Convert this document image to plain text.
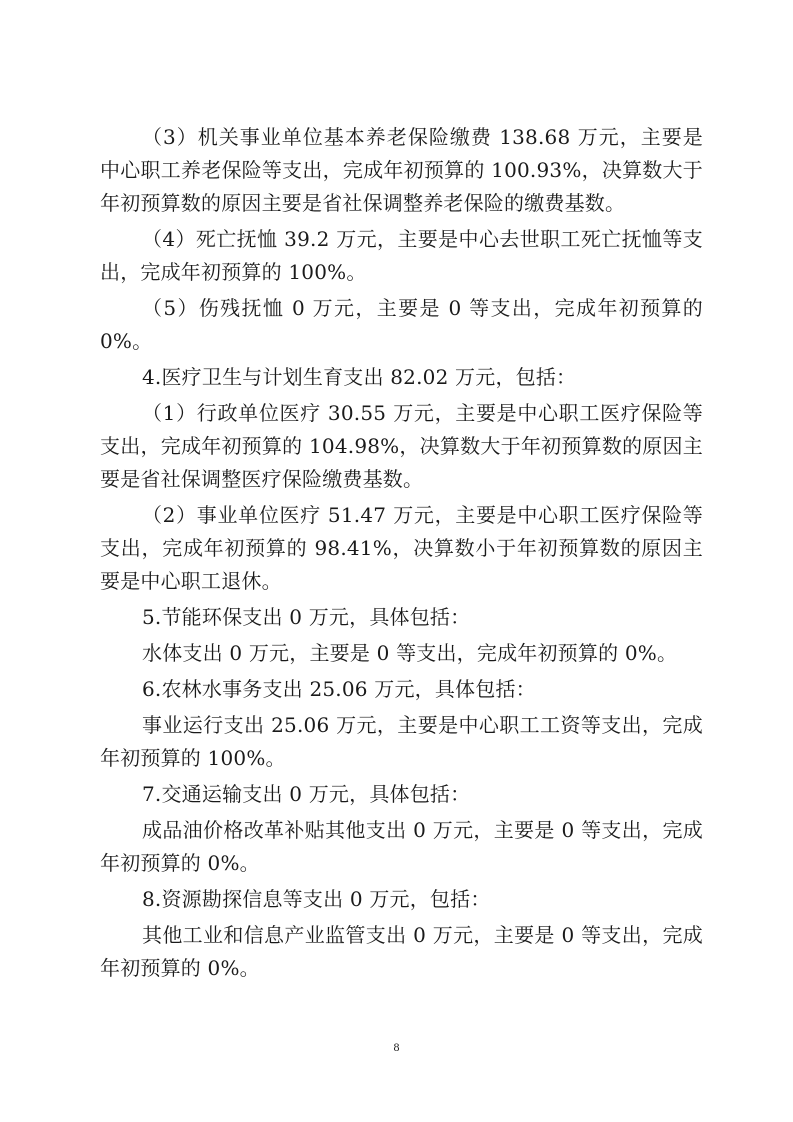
（3）机关事业单位基本养老保险缴费 138.68 万元，主要是中心职工养老保险等支出，完成年初预算的 100.93%，决算数大于年初预算数的原因主要是省社保调整养老保险的缴费基数。

（4）死亡抚恤 39.2 万元，主要是中心去世职工死亡抚恤等支出，完成年初预算的 100%。

（5）伤残抚恤 0 万元，主要是 0 等支出，完成年初预算的 0%。

4.医疗卫生与计划生育支出 82.02 万元，包括：

（1）行政单位医疗 30.55 万元，主要是中心职工医疗保险等支出，完成年初预算的 104.98%，决算数大于年初预算数的原因主要是省社保调整医疗保险缴费基数。

（2）事业单位医疗 51.47 万元，主要是中心职工医疗保险等支出，完成年初预算的 98.41%，决算数小于年初预算数的原因主要是中心职工退休。

5.节能环保支出 0 万元，具体包括：

水体支出 0 万元，主要是 0 等支出，完成年初预算的 0%。

6.农林水事务支出 25.06 万元，具体包括：

事业运行支出 25.06 万元，主要是中心职工工资等支出，完成年初预算的 100%。

7.交通运输支出 0 万元，具体包括：

成品油价格改革补贴其他支出 0 万元，主要是 0 等支出，完成年初预算的 0%。

8.资源勘探信息等支出 0 万元，包括：

其他工业和信息产业监管支出 0 万元，主要是 0 等支出，完成年初预算的 0%。

8
